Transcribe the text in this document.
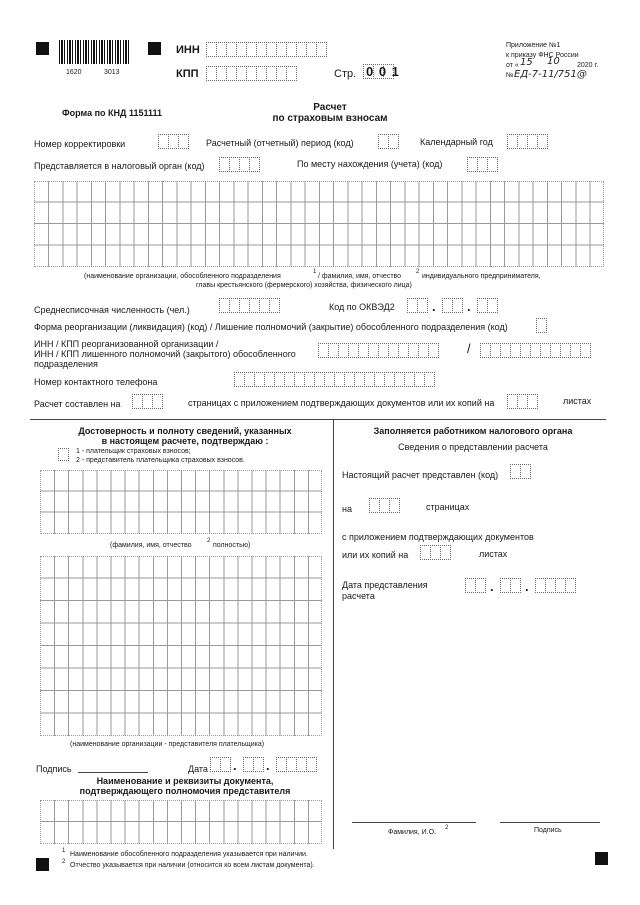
1620	3013
ИНН
КПП	Стр. 0 0 1
Приложение №1
к приказу ФНС России
от « 15 10 2020 г.
№ ЕД-7-11/751@
Форма по КНД 1151111	Расчет
по страховым взносам
Номер корректировки	Расчетный (отчетный) период (код)	Календарный год
Представляется в налоговый орган (код)	По месту нахождения (учета) (код)
(наименование организации, обособленного подразделения
1
/ фамилия, имя, отчество
2
индивидуального предпринимателя,
главы крестьянского (фермерского) хозяйства, физического лица)
Среднесписочная численность (чел.)	Код по ОКВЭД2	. .
Форма реорганизации (ликвидация) (код) / Лишение полномочий (закрытие) обособленного подразделения (код)
ИНН / КПП реорганизованной организации /
ИНН / КПП лишенного полномочий (закрытого) обособленного
подразделения
/
Номер контактного телефона
Расчет составлен на	страницах с приложением подтверждающих документов или их копий на	листах
Достоверность и полноту сведений, указанных
в настоящем расчете, подтверждаю :
1 - плательщик страховых взносов;
2 - представитель плательщика страховых взносов.
(фамилия, имя, отчество
2
полностью)
(наименование организации - представителя плательщика)
Подпись	Дата . .
Наименование и реквизиты документа,
подтверждающего полномочия представителя
Заполняется работником налогового органа
Сведения о представлении расчета
Настоящий расчет представлен (код)
на	страницах
с приложением подтверждающих документов
или их копий на	листах
Дата представления
расчета
. .
Фамилия, И.О.
2	Подпись
1 Наименование обособленного подразделения указывается при наличии.
2 Отчество указывается при наличии (относится ко всем листам документа).
